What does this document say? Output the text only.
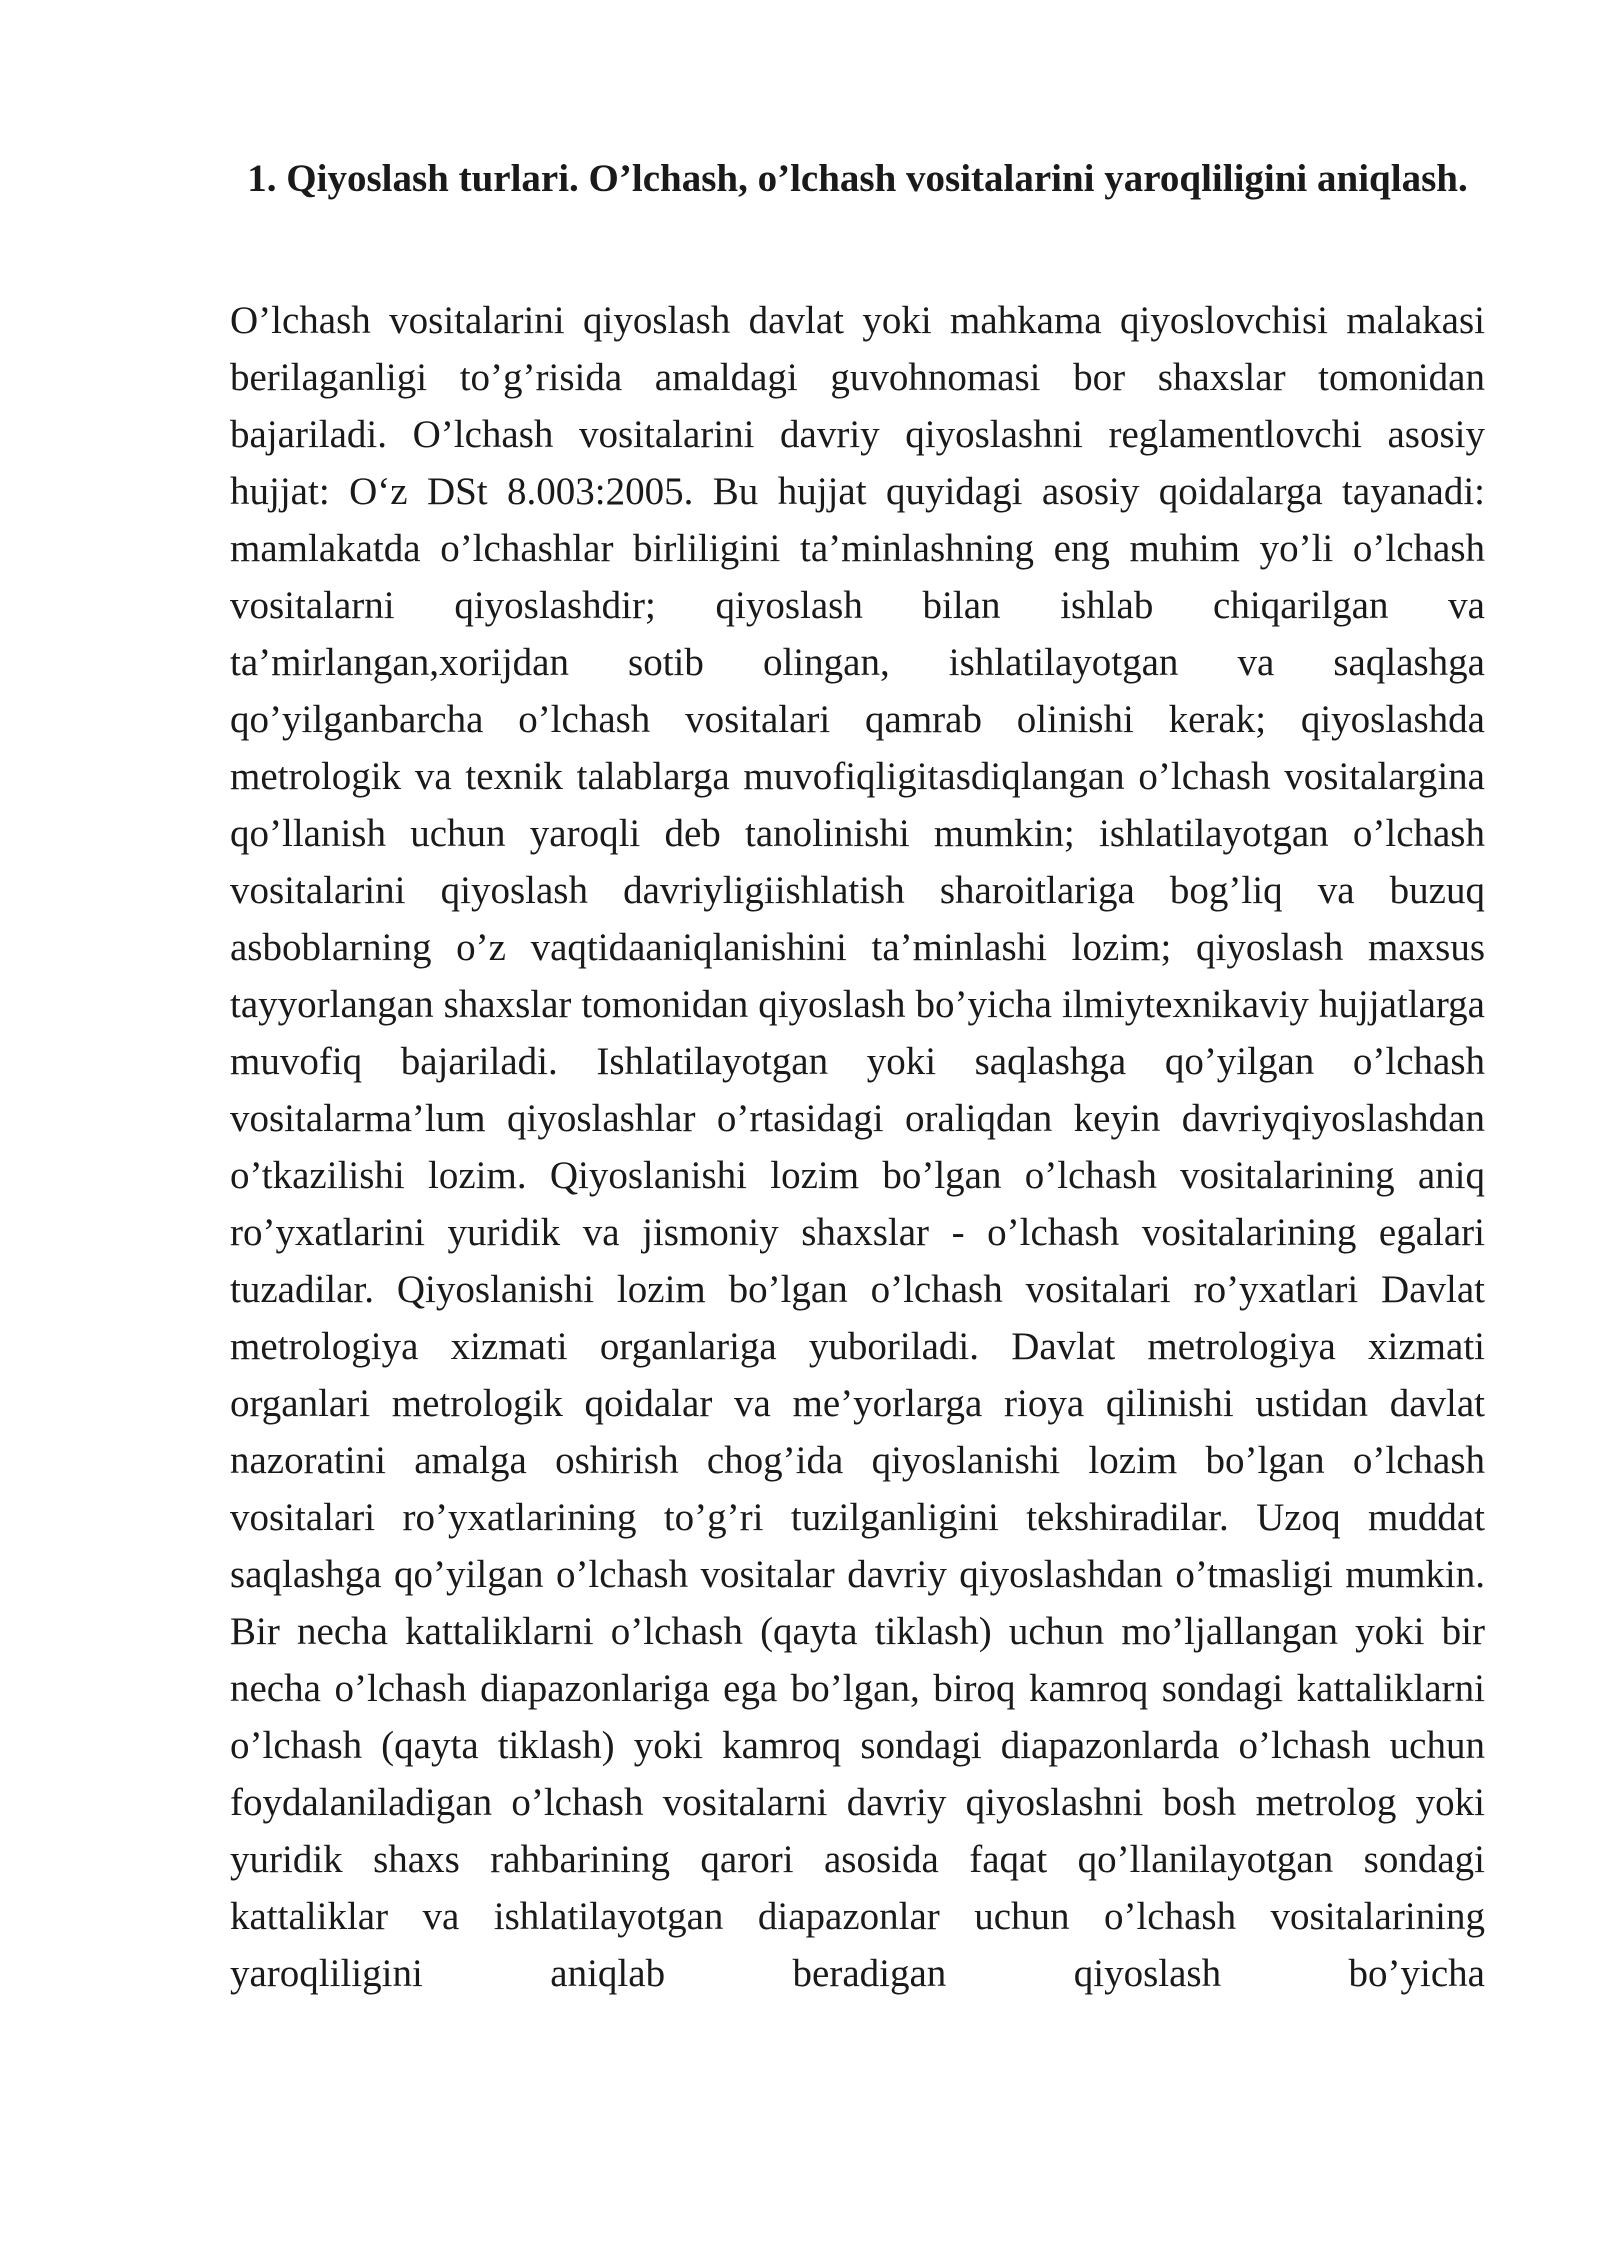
1. Qiyoslash turlari. O’lchash, o’lchash vositalarini yaroqliligini aniqlash.

O’lchash vositalarini qiyoslash davlat yoki mahkama qiyoslovchisi malakasi berilaganligi to’g’risida amaldagi guvohnomasi bor shaxslar tomonidan bajariladi. O’lchash vositalarini davriy qiyoslashni reglamentlovchi asosiy hujjat: O‘z DSt 8.003:2005. Bu hujjat quyidagi asosiy qoidalarga tayanadi: mamlakatda o’lchashlar birliligini ta’minlashning eng muhim yo’li o’lchash vositalarni qiyoslashdir; qiyoslash bilan ishlab chiqarilgan va ta’mirlangan,xorijdan sotib olingan, ishlatilayotgan va saqlashga qo’yilganbarcha o’lchash vositalari qamrab olinishi kerak; qiyoslashda metrologik va texnik talablarga muvofiqligitasdiqlangan o’lchash vositalargina qo’llanish uchun yaroqli deb tanolinishi mumkin; ishlatilayotgan o’lchash vositalarini qiyoslash davriyligiishlatish sharoitlariga bog’liq va buzuq asboblarning o’z vaqtidaaniqlanishini ta’minlashi lozim; qiyoslash maxsus tayyorlangan shaxslar tomonidan qiyoslash bo’yicha ilmiytexnikaviy hujjatlarga muvofiq bajariladi. Ishlatilayotgan yoki saqlashga qo’yilgan o’lchash vositalarma’lum qiyoslashlar o’rtasidagi oraliqdan keyin davriyqiyoslashdan o’tkazilishi lozim. Qiyoslanishi lozim bo’lgan o’lchash vositalarining aniq ro’yxatlarini yuridik va jismoniy shaxslar - o’lchash vositalarining egalari tuzadilar. Qiyoslanishi lozim bo’lgan o’lchash vositalari ro’yxatlari Davlat metrologiya xizmati organlariga yuboriladi. Davlat metrologiya xizmati organlari metrologik qoidalar va me’yorlarga rioya qilinishi ustidan davlat nazoratini amalga oshirish chog’ida qiyoslanishi lozim bo’lgan o’lchash vositalari ro’yxatlarining to’g’ri tuzilganligini tekshiradilar. Uzoq muddat saqlashga qo’yilgan o’lchash vositalar davriy qiyoslashdan o’tmasligi mumkin. Bir necha kattaliklarni o’lchash (qayta tiklash) uchun mo’ljallangan yoki bir necha o’lchash diapazonlariga ega bo’lgan, biroq kamroq sondagi kattaliklarni o’lchash (qayta tiklash) yoki kamroq sondagi diapazonlarda o’lchash uchun foydalaniladigan o’lchash vositalarni davriy qiyoslashni bosh metrolog yoki yuridik shaxs rahbarining qarori asosida faqat qo’llanilayotgan sondagi kattaliklar va ishlatilayotgan diapazonlar uchun o’lchash vositalarining yaroqliligini aniqlab beradigan qiyoslash bo’yicha
